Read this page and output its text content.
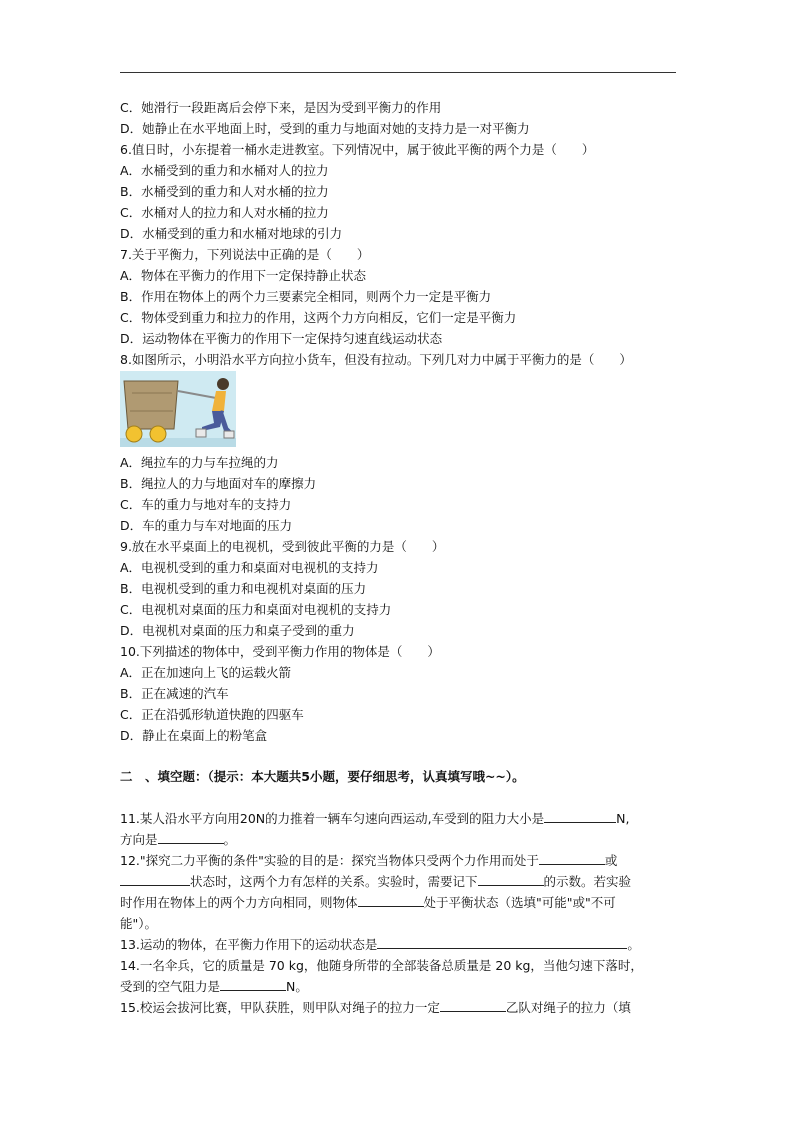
C．她滑行一段距离后会停下来，是因为受到平衡力的作用
D．她静止在水平地面上时，受到的重力与地面对她的支持力是一对平衡力
6.值日时，小东提着一桶水走进教室。下列情况中，属于彼此平衡的两个力是（　　）
A．水桶受到的重力和水桶对人的拉力
B．水桶受到的重力和人对水桶的拉力
C．水桶对人的拉力和人对水桶的拉力
D．水桶受到的重力和水桶对地球的引力
7.关于平衡力，下列说法中正确的是（　　）
A．物体在平衡力的作用下一定保持静止状态
B．作用在物体上的两个力三要素完全相同，则两个力一定是平衡力
C．物体受到重力和拉力的作用，这两个力方向相反，它们一定是平衡力
D．运动物体在平衡力的作用下一定保持匀速直线运动状态
8.如图所示，小明沿水平方向拉小货车，但没有拉动。下列几对力中属于平衡力的是（　　）
A．绳拉车的力与车拉绳的力
B．绳拉人的力与地面对车的摩擦力
C．车的重力与地对车的支持力
D．车的重力与车对地面的压力
9.放在水平桌面上的电视机，受到彼此平衡的力是（　　）
A．电视机受到的重力和桌面对电视机的支持力
B．电视机受到的重力和电视机对桌面的压力
C．电视机对桌面的压力和桌面对电视机的支持力
D．电视机对桌面的压力和桌子受到的重力
10.下列描述的物体中，受到平衡力作用的物体是（　　）
A．正在加速向上飞的运载火箭
B．正在减速的汽车
C．正在沿弧形轨道快跑的四驱车
D．静止在桌面上的粉笔盒
二　、填空题：（提示：本大题共5小题，要仔细思考，认真填写哦~~）。
11.某人沿水平方向用20N的力推着一辆车匀速向西运动,车受到的阻力大小是	N,
方向是	。
12."探究二力平衡的条件"实验的目的是：探究当物体只受两个力作用而处于	或
状态时，这两个力有怎样的关系。实验时，需要记下	的示数。若实验
时作用在物体上的两个力方向相同，则物体	处于平衡状态（选填"可能"或"不可
能"）。
13.运动的物体，在平衡力作用下的运动状态是	。
14.一名伞兵，它的质量是 70 kg，他随身所带的全部装备总质量是 20 kg，当他匀速下落时，
受到的空气阻力是	N。
15.校运会拔河比赛，甲队获胜，则甲队对绳子的拉力一定	乙队对绳子的拉力（填
